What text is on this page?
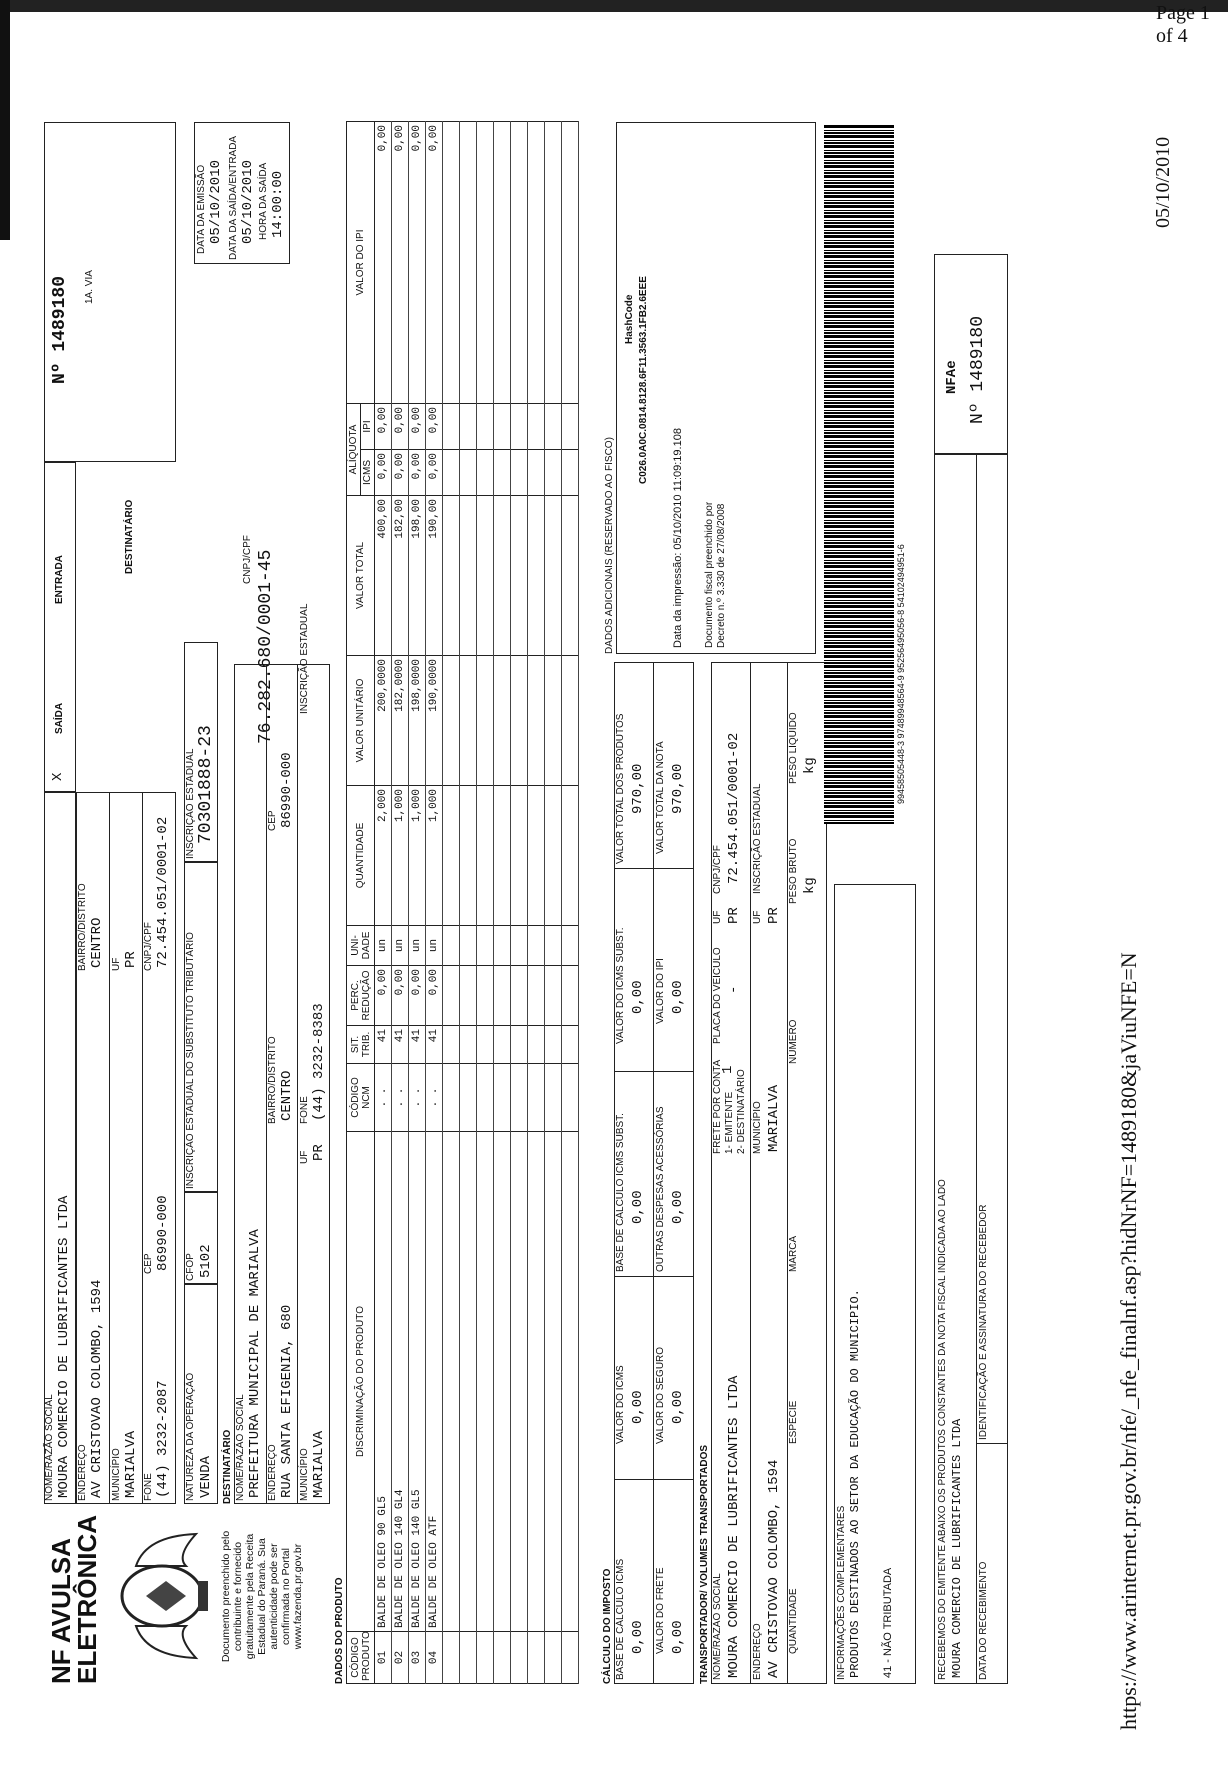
Page 1 of 4
https://www.arinternet.pr.gov.br/nfe/_nfe_finalnf.asp?hidNrNF=1489180&jaViuNFE=N
05/10/2010
NF AVULSA
ELETRÔNICA	Documento preenchido pelo contribuinte e fornecido gratuitamente pela Receita Estadual do Paraná. Sua autenticidade pode ser confirmada no Portal www.fazenda.pr.gov.br
NOME/RAZÃO SOCIAL MOURA COMERCIO DE LUBRIFICANTES LTDA ENDEREÇO AV CRISTOVAO COLOMBO, 1594
BAIRRO/DISTRITO CENTRO
MUNICÍPIO MARIALVA
UF PR
FONE (44) 3232-2087
CEP 86990-000
CNPJ/CPF 72.454.051/0001-02
X
SAÍDA
ENTRADA
DESTINATÁRIO
Nº 1489180 1A. VIA
NATUREZA DA OPERAÇÃO VENDA
CFOP 5102
INSCRIÇÃO ESTADUAL DO SUBSTITUTO TRIBUTÁRIO
INSCRIÇÃO ESTADUAL 70301888-23
DATA DA EMISSÃO 05/10/2010 DATA DA SAÍDA/ENTRADA 05/10/2010 HORA DA SAÍDA 14:00:00
DESTINATÁRIO NOME/RAZÃO SOCIAL PREFEITURA MUNICIPAL DE MARIALVA
CNPJ/CPF 76.282.680/0001-45
ENDEREÇO RUA SANTA EFIGENIA, 680
BAIRRO/DISTRITO CENTRO
CEP 86990-000
MUNICÍPIO MARIALVA
UF PR
FONE (44) 3232-8383
INSCRIÇÃO ESTADUAL
DADOS DO PRODUTO CÓDIGO PRODUTO	DISCRIMINAÇÃO DO PRODUTO	CÓDIGO NCM	SIT. TRIB.	PERC. REDUÇÃO	UNI-DADE	QUANTIDADE	VALOR UNITÁRIO	VALOR TOTAL	ALÍQUOTA		VALOR DO IPI
									ICMS	IPI	
01	BALDE DE OLEO 90 GL5	. .	41	0,00	un	2,000	200,0000	400,00	0,00	0,00	0,00
02	BALDE DE OLEO 140 GL4	. .	41	0,00	un	1,000	182,0000	182,00	0,00	0,00	0,00
03	BALDE DE OLEO 140 GL5	. .	41	0,00	un	1,000	198,0000	198,00	0,00	0,00	0,00
04	BALDE DE OLEO ATF	. .	41	0,00	un	1,000	190,0000	190,00	0,00	0,00	0,00

CÁLCULO DO IMPOSTO BASE DE CÁLCULO ICMS 0,00
VALOR DO ICMS 0,00
BASE DE CÁLCULO ICMS SUBST. 0,00
VALOR DO ICMS SUBST. 0,00
VALOR TOTAL DOS PRODUTOS 970,00
VALOR DO FRETE 0,00
VALOR DO SEGURO 0,00
OUTRAS DESPESAS ACESSÓRIAS 0,00
VALOR DO IPI 0,00
VALOR TOTAL DA NOTA 970,00
TRANSPORTADOR/ VOLUMES TRANSPORTADOS NOME/RAZÃO SOCIAL MOURA COMERCIO DE LUBRIFICANTES LTDA
FRETE POR CONTA 1- EMITENTE 2- DESTINATÁRIO
1
PLACA DO VEÍCULO -
UF PR
CNPJ/CPF 72.454.051/0001-02
ENDEREÇO AV CRISTOVAO COLOMBO, 1594
MUNICÍPIO MARIALVA
UF PR
INSCRIÇÃO ESTADUAL
QUANTIDADE
ESPÉCIE
MARCA
NÚMERO
PESO BRUTO kg
PESO LÍQUIDO kg
INFORMAÇÕES COMPLEMENTARES PRODUTOS DESTINADOS AO SETOR DA EDUCAÇÃO DO MUNICIPIO. 41 - NÃO TRIBUTADA
DADOS ADICIONAIS (RESERVADO AO FISCO)
HashCode C026.0A0C.0814.8128.6F11.3563.1FB2.6EEE
Data da impressão: 05/10/2010 11:09:19.108 Documento fiscal preenchido por Decreto n.º 3.330 de 27/08/2008	99458505448-3 97489948564-9 95256495056-8 54102494951-6
RECEBEMOS DO EMITENTE ABAIXO OS PRODUTOS CONSTANTES DA NOTA FISCAL INDICADA AO LADO MOURA COMERCIO DE LUBRIFICANTES LTDA DATA DO RECEBIMENTO
IDENTIFICAÇÃO E ASSINATURA DO RECEBEDOR
NFAe Nº 1489180
